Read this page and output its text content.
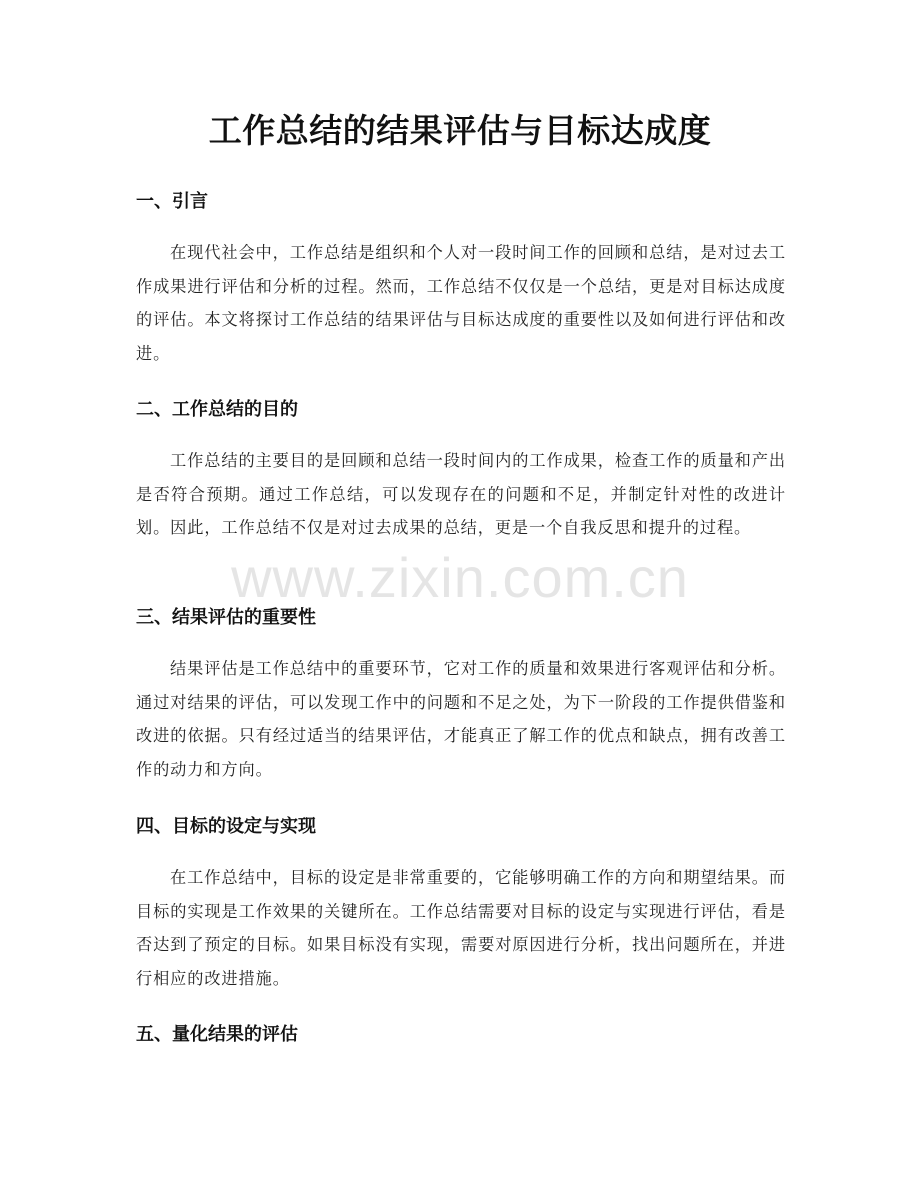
工作总结的结果评估与目标达成度
www.zixin.com.cn
一、引言
在现代社会中，工作总结是组织和个人对一段时间工作的回顾和总结，是对过去工作成果进行评估和分析的过程。然而，工作总结不仅仅是一个总结，更是对目标达成度的评估。本文将探讨工作总结的结果评估与目标达成度的重要性以及如何进行评估和改进。
二、工作总结的目的
工作总结的主要目的是回顾和总结一段时间内的工作成果，检查工作的质量和产出是否符合预期。通过工作总结，可以发现存在的问题和不足，并制定针对性的改进计划。因此，工作总结不仅是对过去成果的总结，更是一个自我反思和提升的过程。
三、结果评估的重要性
结果评估是工作总结中的重要环节，它对工作的质量和效果进行客观评估和分析。通过对结果的评估，可以发现工作中的问题和不足之处，为下一阶段的工作提供借鉴和改进的依据。只有经过适当的结果评估，才能真正了解工作的优点和缺点，拥有改善工作的动力和方向。
四、目标的设定与实现
在工作总结中，目标的设定是非常重要的，它能够明确工作的方向和期望结果。而目标的实现是工作效果的关键所在。工作总结需要对目标的设定与实现进行评估，看是否达到了预定的目标。如果目标没有实现，需要对原因进行分析，找出问题所在，并进行相应的改进措施。
五、量化结果的评估
